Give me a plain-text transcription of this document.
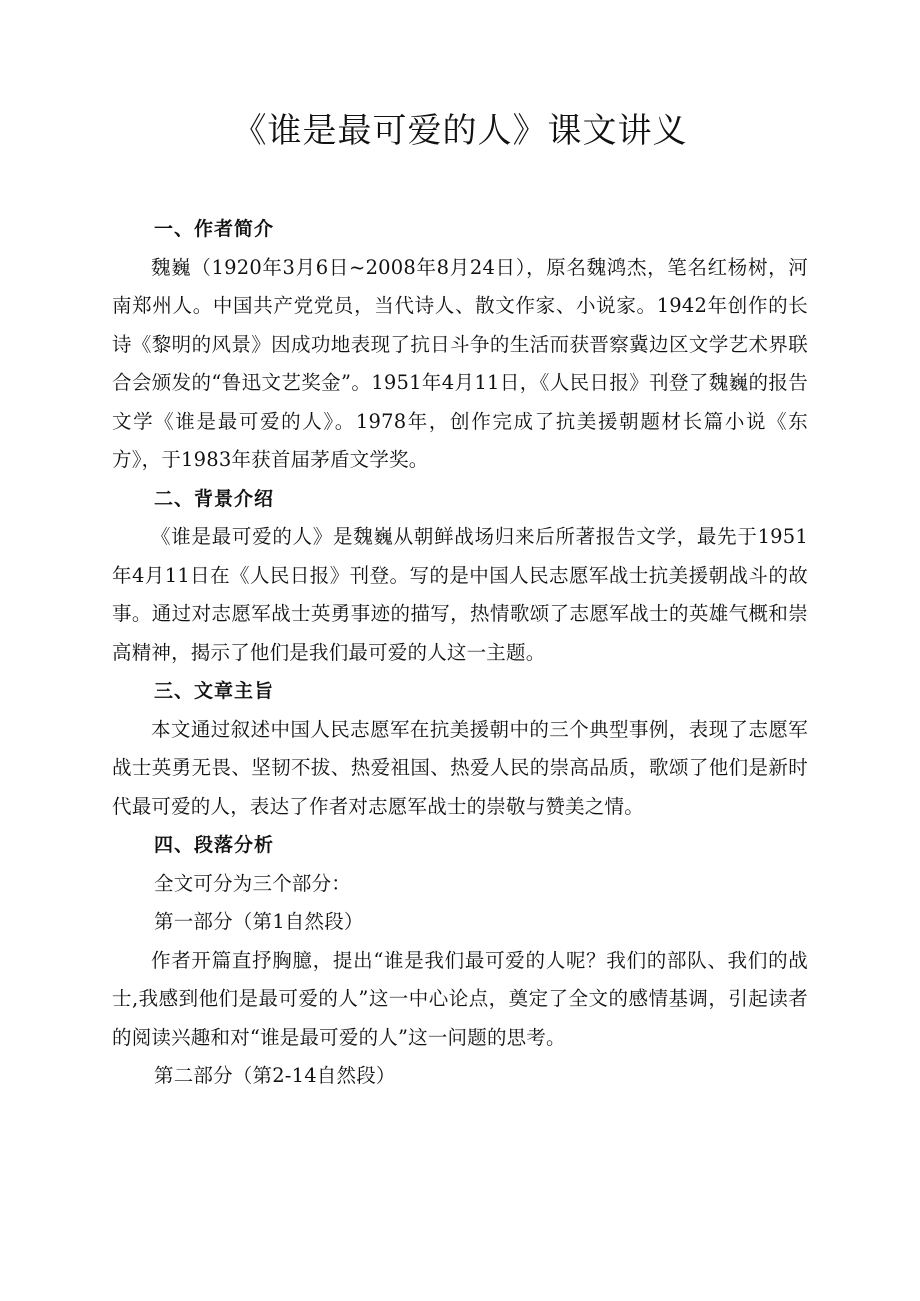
《谁是最可爱的人》课文讲义

一、作者简介

魏巍（1920年3月6日~2008年8月24日），原名魏鸿杰，笔名红杨树，河南郑州人。中国共产党党员，当代诗人、散文作家、小说家。1942年创作的长诗《黎明的风景》因成功地表现了抗日斗争的生活而获晋察冀边区文学艺术界联合会颁发的“鲁迅文艺奖金”。1951年4月11日，《人民日报》刊登了魏巍的报告文学《谁是最可爱的人》。1978年，创作完成了抗美援朝题材长篇小说《东方》，于1983年获首届茅盾文学奖。

二、背景介绍

《谁是最可爱的人》是魏巍从朝鲜战场归来后所著报告文学，最先于1951年4月11日在《人民日报》刊登。写的是中国人民志愿军战士抗美援朝战斗的故事。通过对志愿军战士英勇事迹的描写，热情歌颂了志愿军战士的英雄气概和崇高精神，揭示了他们是我们最可爱的人这一主题。

三、文章主旨

本文通过叙述中国人民志愿军在抗美援朝中的三个典型事例，表现了志愿军战士英勇无畏、坚韧不拔、热爱祖国、热爱人民的崇高品质，歌颂了他们是新时代最可爱的人，表达了作者对志愿军战士的崇敬与赞美之情。

四、段落分析

全文可分为三个部分：

第一部分（第1自然段）

作者开篇直抒胸臆，提出“谁是我们最可爱的人呢？我们的部队、我们的战士,我感到他们是最可爱的人”这一中心论点，奠定了全文的感情基调，引起读者的阅读兴趣和对“谁是最可爱的人”这一问题的思考。

第二部分（第2-14自然段）
